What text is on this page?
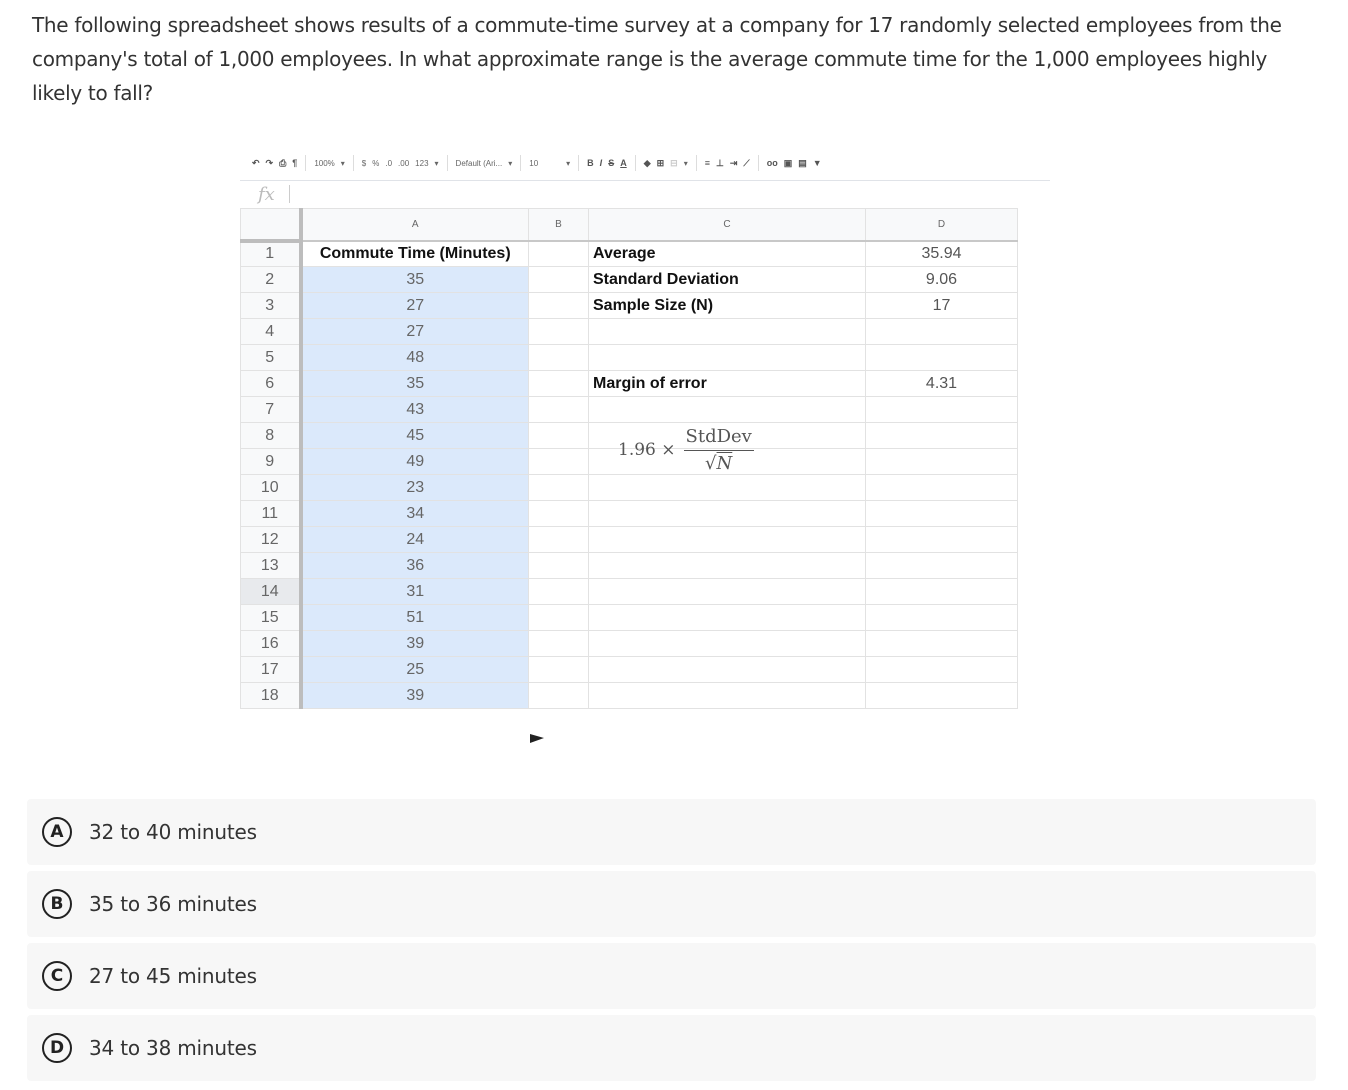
The following spreadsheet shows results of a commute-time survey at a company for 17 randomly selected employees from the company's total of 1,000 employees. In what approximate range is the average commute time for the 1,000 employees highly likely to fall?
↶ ↷ ⎙ ¶ 100% ▾ $ % .0 .00 123 ▾ Default (Ari... ▾ 10	▾ B I S A ◆ ⊞ ⊟ ▾ ≡ ⊥ ⇥ ⟋ oo ▣ ▤ ▼
fx
	A	B	C	D
1	Commute Time (Minutes)		Average	35.94
2	35		Standard Deviation	9.06
3	27		Sample Size (N)	17
4	27			
5	48			
6	35		Margin of error	4.31
7	43			
8	45			
9	49			
10	23			
11	34			
12	24			
13	36			
14	31			
15	51			
16	39			
17	25			
18	39			
$1.96 \times \frac{\text{StdDev}}{√N}$
A	32 to 40 minutes
B	35 to 36 minutes
C	27 to 45 minutes
D	34 to 38 minutes
